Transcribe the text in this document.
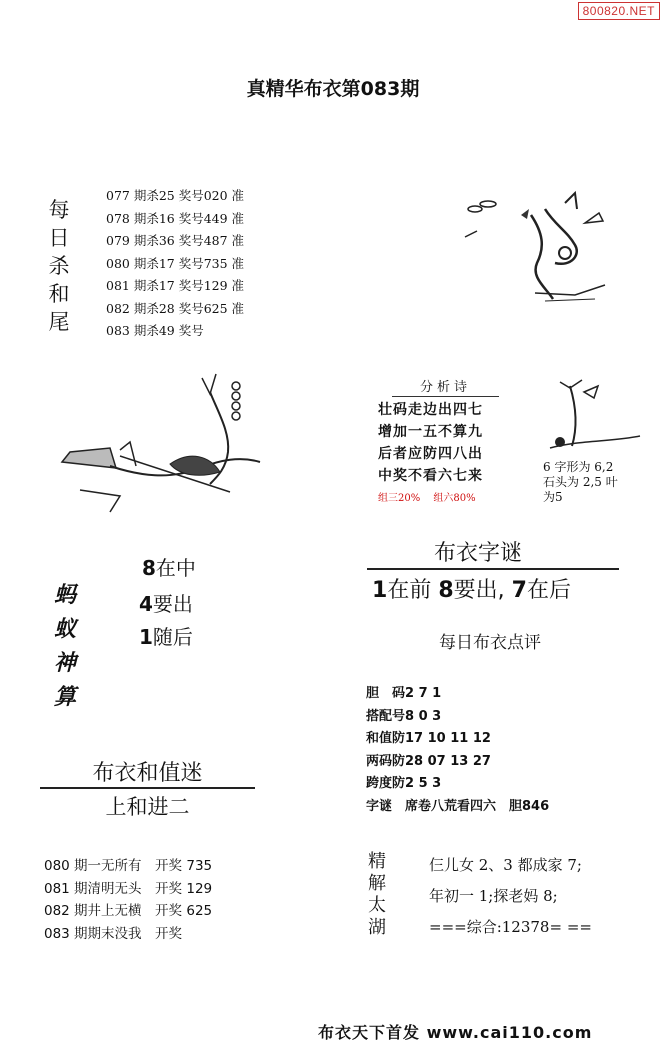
800820.NET
真精华布衣第083期
每
日
杀
和
尾
077 期杀25 奖号020 准
078 期杀16 奖号449 准
079 期杀36 奖号487 准
080 期杀17 奖号735 准
081 期杀17 奖号129 准
082 期杀28 奖号625 准
083 期杀49 奖号
分析诗
壮码走边出四七
增加一五不算九
后者应防四八出
中奖不看六七来
组三20% 组六80%
6 字形为 6,2
石头为 2,5 叶
为5
蚂
蚁
神
算
8在中
4要出
1随后
布衣字谜
1在前 8要出, 7在后
每日布衣点评
胆　码2 7 1
搭配号8 0 3
和值防17 10 11 12
两码防28 07 13 27
跨度防2 5 3
字谜　席卷八荒看四六　胆846
布衣和值迷
上和进二
080 期一无所有　开奖 735
081 期清明无头　开奖 129
082 期井上无横　开奖 625
083 期期末没我　开奖
精
解
太
湖
仨儿女 2、3 都成家 7;
年初一 1;探老妈 8;
===综合:12378= ==
布衣天下首发 www.cai110.com
